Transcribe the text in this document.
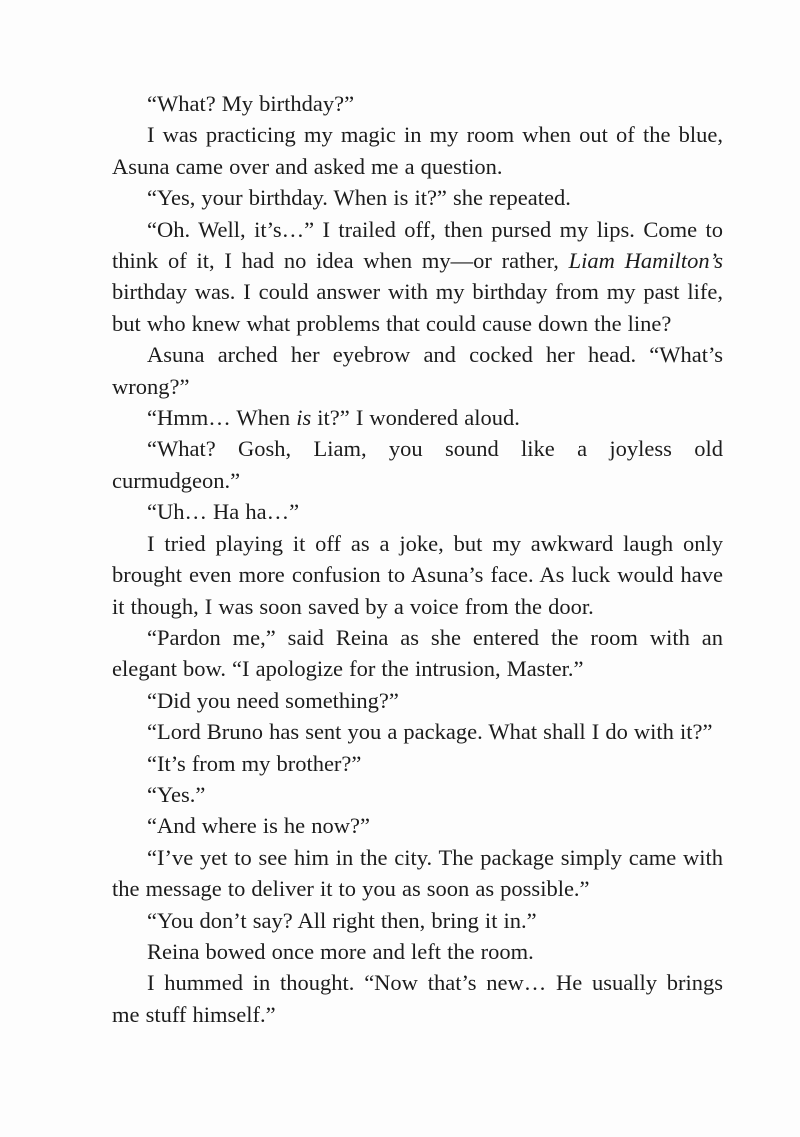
“What? My birthday?”

I was practicing my magic in my room when out of the blue, Asuna came over and asked me a question.

“Yes, your birthday. When is it?” she repeated.

“Oh. Well, it’s…” I trailed off, then pursed my lips. Come to think of it, I had no idea when my—or rather, Liam Hamilton’s birthday was. I could answer with my birthday from my past life, but who knew what problems that could cause down the line?

Asuna arched her eyebrow and cocked her head. “What’s wrong?”

“Hmm… When is it?” I wondered aloud.

“What? Gosh, Liam, you sound like a joyless old curmudgeon.”

“Uh… Ha ha…”

I tried playing it off as a joke, but my awkward laugh only brought even more confusion to Asuna’s face. As luck would have it though, I was soon saved by a voice from the door.

“Pardon me,” said Reina as she entered the room with an elegant bow. “I apologize for the intrusion, Master.”

“Did you need something?”

“Lord Bruno has sent you a package. What shall I do with it?”

“It’s from my brother?”

“Yes.”

“And where is he now?”

“I’ve yet to see him in the city. The package simply came with the message to deliver it to you as soon as possible.”

“You don’t say? All right then, bring it in.”

Reina bowed once more and left the room.

I hummed in thought. “Now that’s new… He usually brings me stuff himself.”
